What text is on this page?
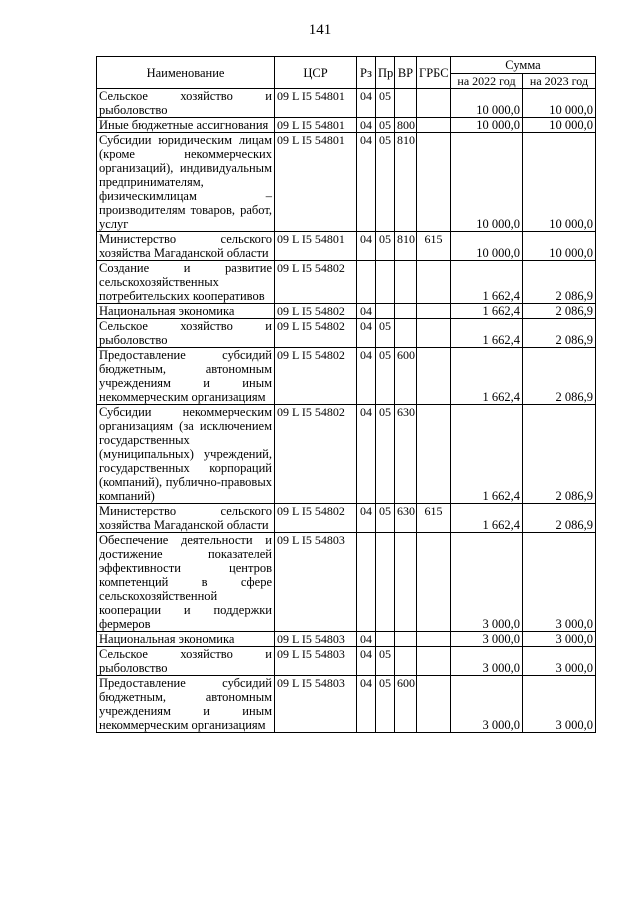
141
Наименование	ЦСР	Рз	Пр	ВР	ГРБС	Сумма	
						на 2022 год	на 2023 год
Сельское хозяйство и рыболовство	09 L I5 54801	04	05			10 000,0	10 000,0
Иные бюджетные ассигнования	09 L I5 54801	04	05	800		10 000,0	10 000,0
Субсидии юридическим лицам (кроме некоммерческих организаций), индивидуальным предпринимателям, физическимлицам – производителям товаров, работ, услуг	09 L I5 54801	04	05	810		10 000,0	10 000,0
Министерство сельского хозяйства Магаданской области	09 L I5 54801	04	05	810	615	10 000,0	10 000,0
Создание и развитие сельскохозяйственных потребительских кооперативов	09 L I5 54802					1 662,4	2 086,9
Национальная экономика	09 L I5 54802	04				1 662,4	2 086,9
Сельское хозяйство и рыболовство	09 L I5 54802	04	05			1 662,4	2 086,9
Предоставление субсидий бюджетным, автономным учреждениям и иным некоммерческим организациям	09 L I5 54802	04	05	600		1 662,4	2 086,9
Субсидии некоммерческим организациям (за исключением государственных (муниципальных) учреждений, государственных корпораций (компаний), публично-правовых компаний)	09 L I5 54802	04	05	630		1 662,4	2 086,9
Министерство сельского хозяйства Магаданской области	09 L I5 54802	04	05	630	615	1 662,4	2 086,9
Обеспечение деятельности и достижение показателей эффективности центров компетенций в сфере сельскохозяйственной кооперации и поддержки фермеров	09 L I5 54803					3 000,0	3 000,0
Национальная экономика	09 L I5 54803	04				3 000,0	3 000,0
Сельское хозяйство и рыболовство	09 L I5 54803	04	05			3 000,0	3 000,0
Предоставление субсидий бюджетным, автономным учреждениям и иным некоммерческим организациям	09 L I5 54803	04	05	600		3 000,0	3 000,0
